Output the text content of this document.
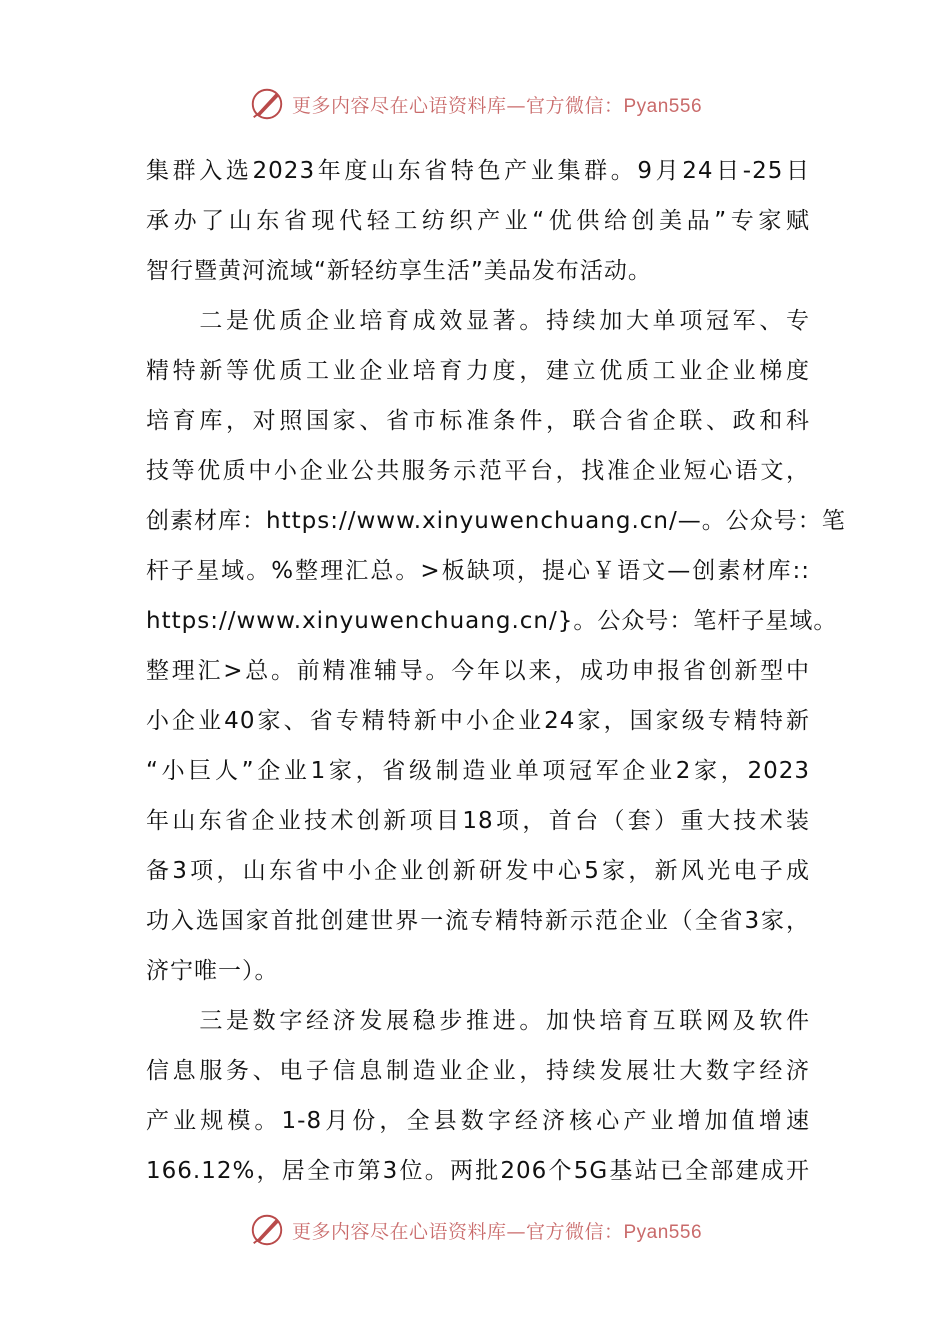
更多内容尽在心语资料库—官方微信：Pyan556
集群入选2023年度山东省特色产业集群。9月24日-25日
承办了山东省现代轻工纺织产业“优供给创美品”专家赋
智行暨黄河流域“新轻纺享生活”美品发布活动。
　　二是优质企业培育成效显著。持续加大单项冠军、专
精特新等优质工业企业培育力度，建立优质工业企业梯度
培育库，对照国家、省市标准条件，联合省企联、政和科
技等优质中小企业公共服务示范平台，找准企业短心语文，
创素材库：https://www.xinyuwenchuang.cn/—。公众号：笔
杆子星域。%整理汇总。>板缺项，提心￥语文—创素材库::
https://www.xinyuwenchuang.cn/}。公众号：笔杆子星域。
整理汇>总。前精准辅导。今年以来，成功申报省创新型中
小企业40家、省专精特新中小企业24家，国家级专精特新
“小巨人”企业1家，省级制造业单项冠军企业2家，2023
年山东省企业技术创新项目18项，首台（套）重大技术装
备3项，山东省中小企业创新研发中心5家，新风光电子成
功入选国家首批创建世界一流专精特新示范企业（全省3家，
济宁唯一）。
　　三是数字经济发展稳步推进。加快培育互联网及软件
信息服务、电子信息制造业企业，持续发展壮大数字经济
产业规模。1-8月份，全县数字经济核心产业增加值增速
166.12%，居全市第3位。两批206个5G基站已全部建成开
更多内容尽在心语资料库—官方微信：Pyan556
